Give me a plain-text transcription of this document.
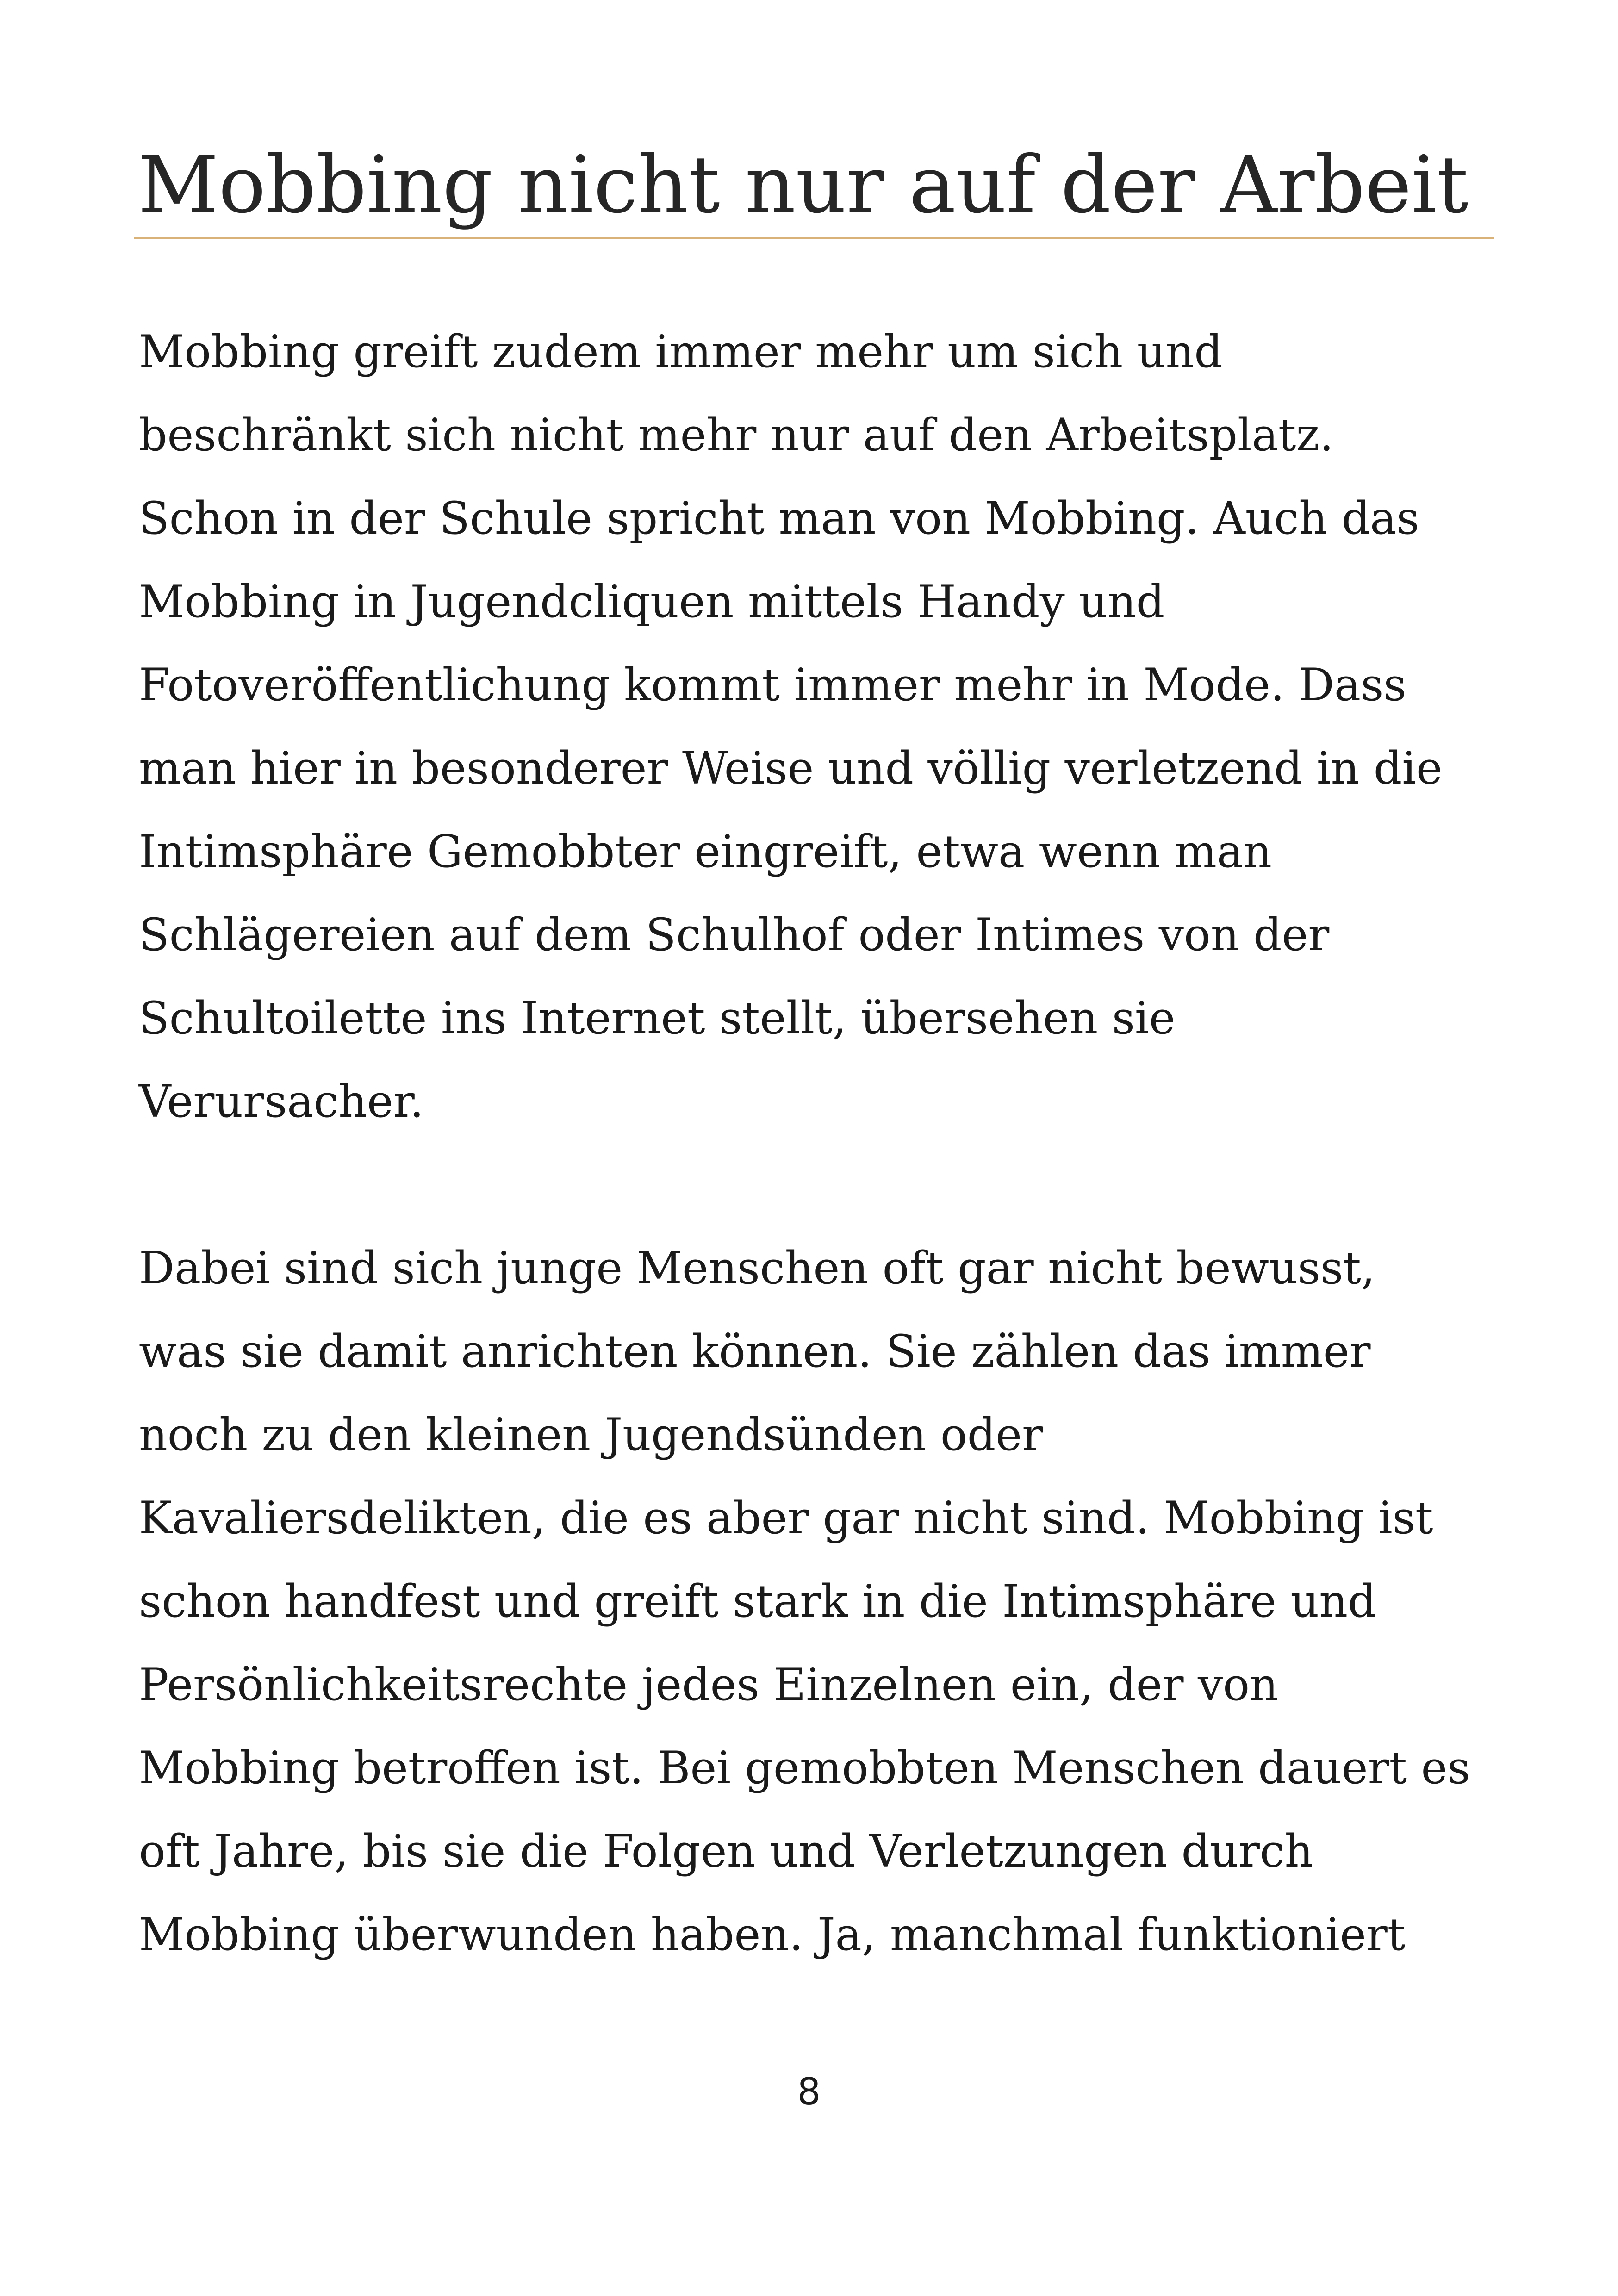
Mobbing nicht nur auf der Arbeit
Mobbing greift zudem immer mehr um sich und
beschränkt sich nicht mehr nur auf den Arbeitsplatz.
Schon in der Schule spricht man von Mobbing. Auch das
Mobbing in Jugendcliquen mittels Handy und
Fotoveröffentlichung kommt immer mehr in Mode. Dass
man hier in besonderer Weise und völlig verletzend in die
Intimsphäre Gemobbter eingreift, etwa wenn man
Schlägereien auf dem Schulhof oder Intimes von der
Schultoilette ins Internet stellt, übersehen sie
Verursacher.
Dabei sind sich junge Menschen oft gar nicht bewusst,
was sie damit anrichten können. Sie zählen das immer
noch zu den kleinen Jugendsünden oder
Kavaliersdelikten, die es aber gar nicht sind. Mobbing ist
schon handfest und greift stark in die Intimsphäre und
Persönlichkeitsrechte jedes Einzelnen ein, der von
Mobbing betroffen ist. Bei gemobbten Menschen dauert es
oft Jahre, bis sie die Folgen und Verletzungen durch
Mobbing überwunden haben. Ja, manchmal funktioniert
8
